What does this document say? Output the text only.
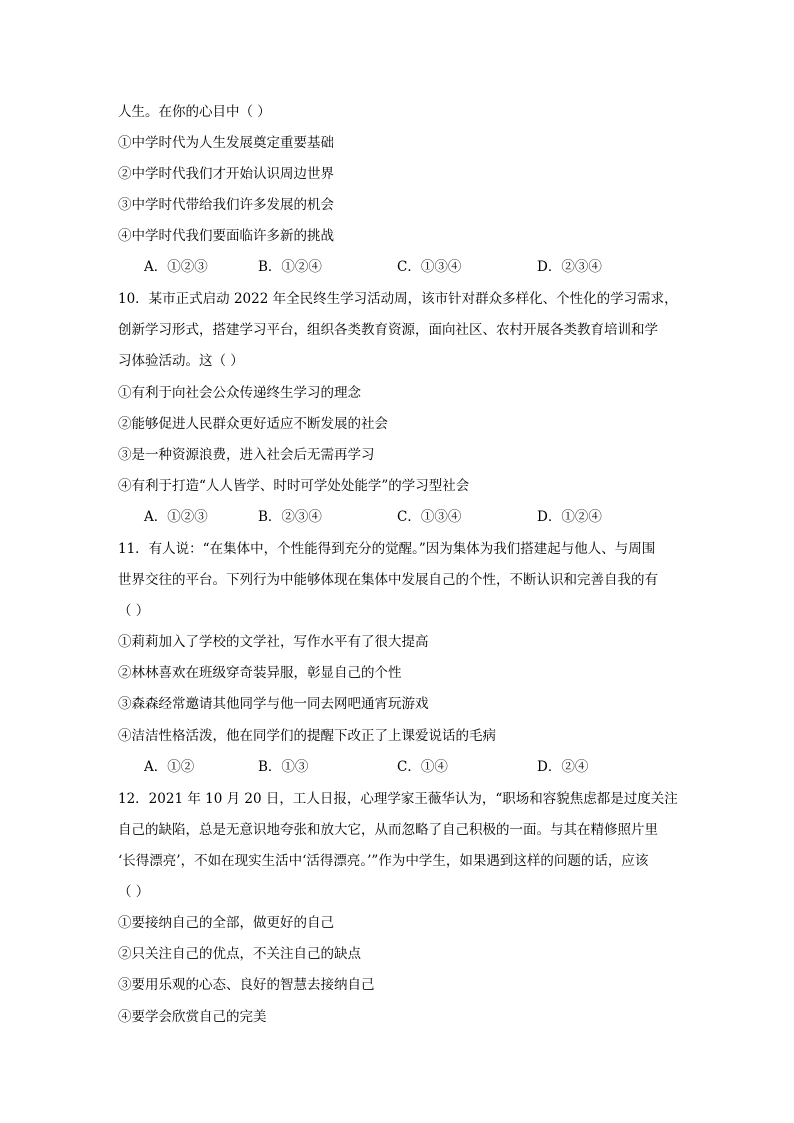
人生。在你的心目中（ ）
①中学时代为人生发展奠定重要基础
②中学时代我们才开始认识周边世界
③中学时代带给我们许多发展的机会
④中学时代我们要面临许多新的挑战
A．①②③	B．①②④	C．①③④	D．②③④
10．某市正式启动 2022 年全民终生学习活动周，该市针对群众多样化、个性化的学习需求，
创新学习形式，搭建学习平台，组织各类教育资源，面向社区、农村开展各类教育培训和学
习体验活动。这（ ）
①有利于向社会公众传递终生学习的理念
②能够促进人民群众更好适应不断发展的社会
③是一种资源浪费，进入社会后无需再学习
④有利于打造“人人皆学、时时可学处处能学”的学习型社会
A．①②③	B．②③④	C．①③④	D．①②④
11．有人说：“在集体中，个性能得到充分的觉醒。”因为集体为我们搭建起与他人、与周围
世界交往的平台。下列行为中能够体现在集体中发展自己的个性，不断认识和完善自我的有
（ ）
①莉莉加入了学校的文学社，写作水平有了很大提高
②林林喜欢在班级穿奇装异服，彰显自己的个性
③森森经常邀请其他同学与他一同去网吧通宵玩游戏
④洁洁性格活泼，他在同学们的提醒下改正了上课爱说话的毛病
A．①②	B．①③	C．①④	D．②④
12．2021 年 10 月 20 日，工人日报，心理学家王薇华认为，“职场和容貌焦虑都是过度关注
自己的缺陷，总是无意识地夸张和放大它，从而忽略了自己积极的一面。与其在精修照片里
‘长得漂亮’，不如在现实生活中‘活得漂亮。’”作为中学生，如果遇到这样的问题的话，应该
（ ）
①要接纳自己的全部，做更好的自己
②只关注自己的优点，不关注自己的缺点
③要用乐观的心态、良好的智慧去接纳自己
④要学会欣赏自己的完美
